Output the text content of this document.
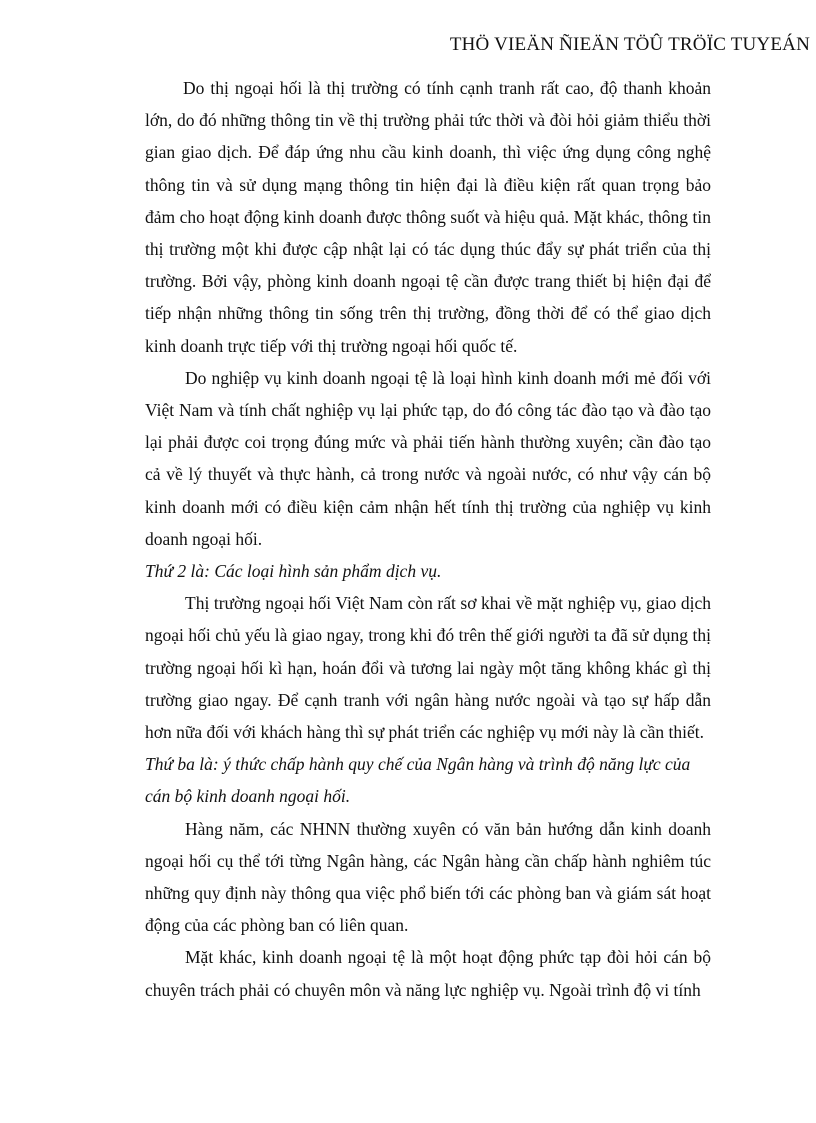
THÖ VIEÄN ÑIEÄN TÖÛ TRÖÏC TUYEÁN

Do thị ngoại hối là thị trường có tính cạnh tranh rất cao, độ thanh khoản lớn, do đó những thông tin về thị trường phải tức thời và đòi hỏi giảm thiểu thời gian giao dịch. Để đáp ứng nhu cầu kinh doanh, thì việc ứng dụng công nghệ thông tin và sử dụng mạng thông tin hiện đại là điều kiện rất quan trọng bảo đảm cho hoạt động kinh doanh được thông suốt và hiệu quả. Mặt khác, thông tin thị trường một khi được cập nhật lại có tác dụng thúc đẩy sự phát triển của thị trường. Bởi vậy, phòng kinh doanh ngoại tệ cần được trang thiết bị hiện đại để tiếp nhận những thông tin sống trên thị trường, đồng thời để có thể giao dịch kinh doanh trực tiếp với thị trường ngoại hối quốc tế.

Do nghiệp vụ kinh doanh ngoại tệ là loại hình kinh doanh mới mẻ đối với Việt Nam và tính chất nghiệp vụ lại phức tạp, do đó công tác đào tạo và đào tạo lại phải được coi trọng đúng mức và phải tiến hành thường xuyên; cần đào tạo cả về lý thuyết và thực hành, cả trong nước và ngoài nước, có như vậy cán bộ kinh doanh mới có điều kiện cảm nhận hết tính thị trường của nghiệp vụ kinh doanh ngoại hối.

Thứ 2 là: Các loại hình sản phẩm dịch vụ.

Thị trường ngoại hối Việt Nam còn rất sơ khai về mặt nghiệp vụ, giao dịch ngoại hối chủ yếu là giao ngay, trong khi đó trên thế giới người ta đã sử dụng thị trường ngoại hối kì hạn, hoán đổi và tương lai ngày một tăng không khác gì thị trường giao ngay. Để cạnh tranh với ngân hàng nước ngoài và tạo sự hấp dẫn hơn nữa đối với khách hàng thì sự phát triển các nghiệp vụ mới này là cần thiết.

Thứ ba là: ý thức chấp hành quy chế của Ngân hàng và trình độ năng lực của cán bộ kinh doanh ngoại hối.

Hàng năm, các NHNN thường xuyên có văn bản hướng dẫn kinh doanh ngoại hối cụ thể tới từng Ngân hàng, các Ngân hàng cần chấp hành nghiêm túc những quy định này thông qua việc phổ biến tới các phòng ban và giám sát hoạt động của các phòng ban có liên quan.

Mặt khác, kinh doanh ngoại tệ là một hoạt động phức tạp đòi hỏi cán bộ chuyên trách phải có chuyên môn và năng lực nghiệp vụ. Ngoài trình độ vi tính
